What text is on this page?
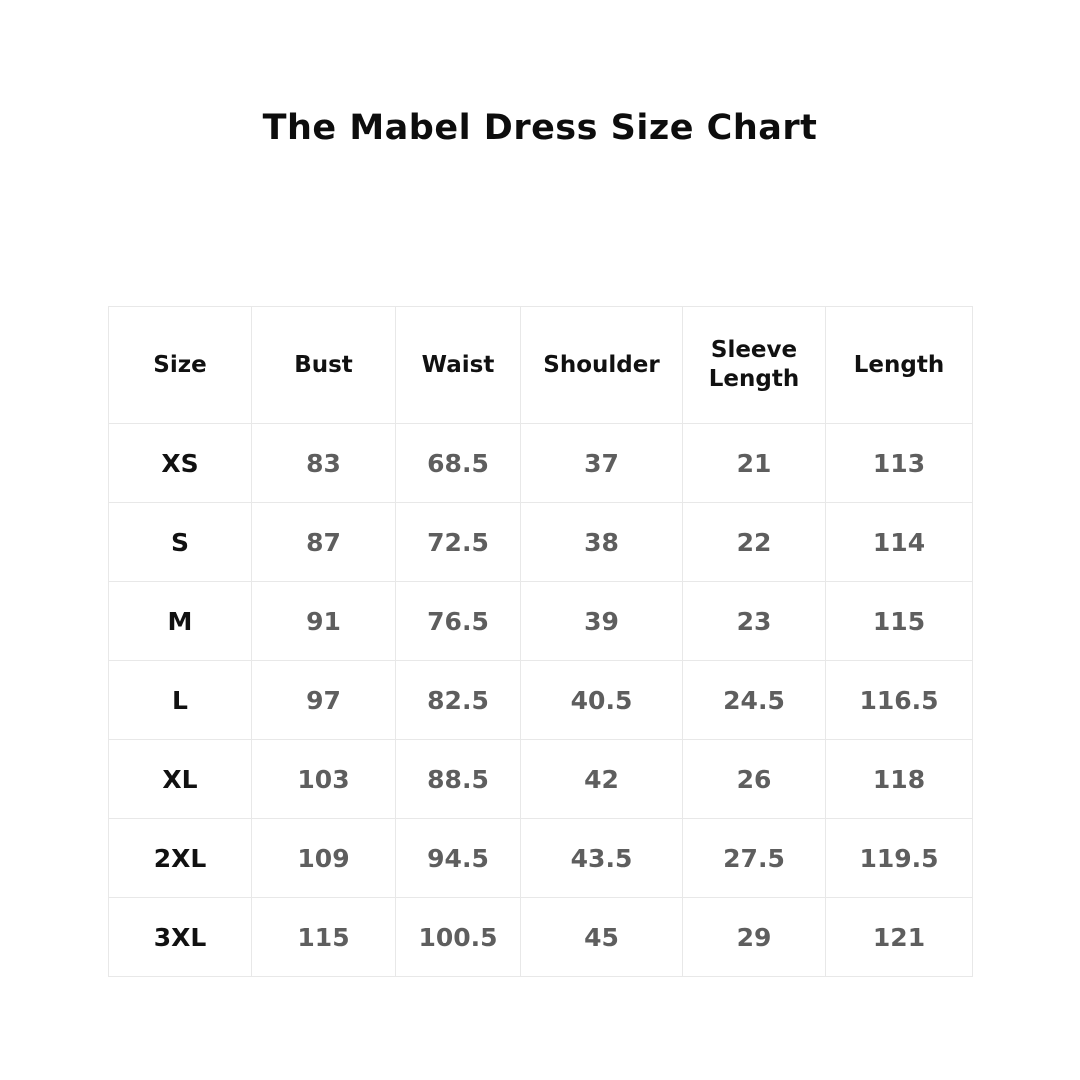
The Mabel Dress Size Chart
Size	Bust	Waist	Shoulder	Sleeve Length	Length
XS	83	68.5	37	21	113
S	87	72.5	38	22	114
M	91	76.5	39	23	115
L	97	82.5	40.5	24.5	116.5
XL	103	88.5	42	26	118
2XL	109	94.5	43.5	27.5	119.5
3XL	115	100.5	45	29	121
